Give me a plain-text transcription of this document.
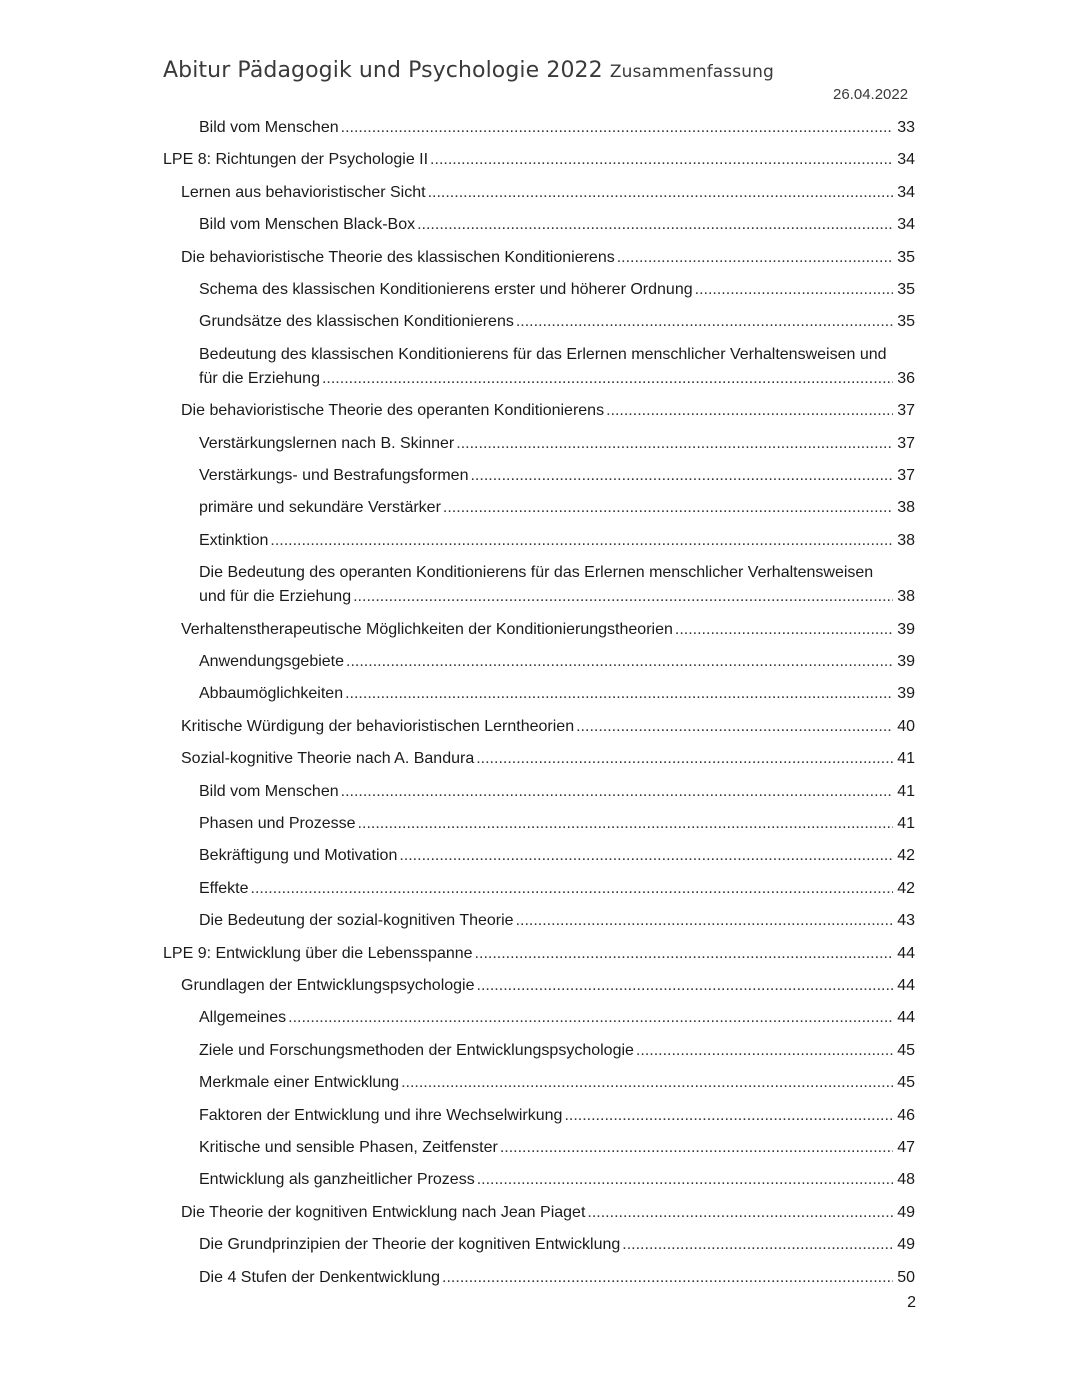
Abitur Pädagogik und Psychologie 2022 Zusammenfassung
26.04.2022
Bild vom Menschen .....	33
LPE 8: Richtungen der Psychologie II .....	34
Lernen aus behavioristischer Sicht .....	34
Bild vom Menschen Black-Box .....	34
Die behavioristische Theorie des klassischen Konditionierens .....	35
Schema des klassischen Konditionierens erster und höherer Ordnung .....	35
Grundsätze des klassischen Konditionierens .....	35
Bedeutung des klassischen Konditionierens für das Erlernen menschlicher Verhaltensweisen und
für die Erziehung .....	36
Die behavioristische Theorie des operanten Konditionierens .....	37
Verstärkungslernen nach B. Skinner .....	37
Verstärkungs- und Bestrafungsformen .....	37
primäre und sekundäre Verstärker .....	38
Extinktion .....	38
Die Bedeutung des operanten Konditionierens für das Erlernen menschlicher Verhaltensweisen
und für die Erziehung .....	38
Verhaltenstherapeutische Möglichkeiten der Konditionierungstheorien .....	39
Anwendungsgebiete .....	39
Abbaumöglichkeiten .....	39
Kritische Würdigung der behavioristischen Lerntheorien .....	40
Sozial-kognitive Theorie nach A. Bandura .....	41
Bild vom Menschen .....	41
Phasen und Prozesse .....	41
Bekräftigung und Motivation .....	42
Effekte .....	42
Die Bedeutung der sozial-kognitiven Theorie .....	43
LPE 9: Entwicklung über die Lebensspanne .....	44
Grundlagen der Entwicklungspsychologie .....	44
Allgemeines .....	44
Ziele und Forschungsmethoden der Entwicklungspsychologie .....	45
Merkmale einer Entwicklung .....	45
Faktoren der Entwicklung und ihre Wechselwirkung .....	46
Kritische und sensible Phasen, Zeitfenster .....	47
Entwicklung als ganzheitlicher Prozess .....	48
Die Theorie der kognitiven Entwicklung nach Jean Piaget .....	49
Die Grundprinzipien der Theorie der kognitiven Entwicklung .....	49
Die 4 Stufen der Denkentwicklung .....	50
2
